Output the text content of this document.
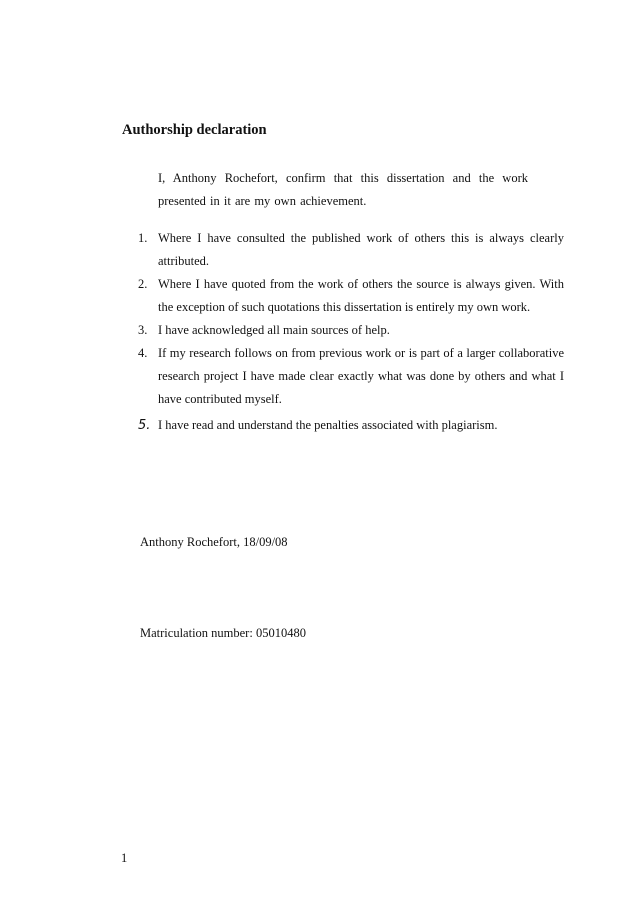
Authorship declaration
I, Anthony Rochefort, confirm that this dissertation and the work
presented in it are my own achievement.
1. Where I have consulted the published work of others this is always clearly attributed.
2. Where I have quoted from the work of others the source is always given. With the exception of such quotations this dissertation is entirely my own work.
3. I have acknowledged all main sources of help.
4. If my research follows on from previous work or is part of a larger collaborative research project I have made clear exactly what was done by others and what I have contributed myself.
5. I have read and understand the penalties associated with plagiarism.
Anthony Rochefort, 18/09/08
Matriculation number: 05010480
1
